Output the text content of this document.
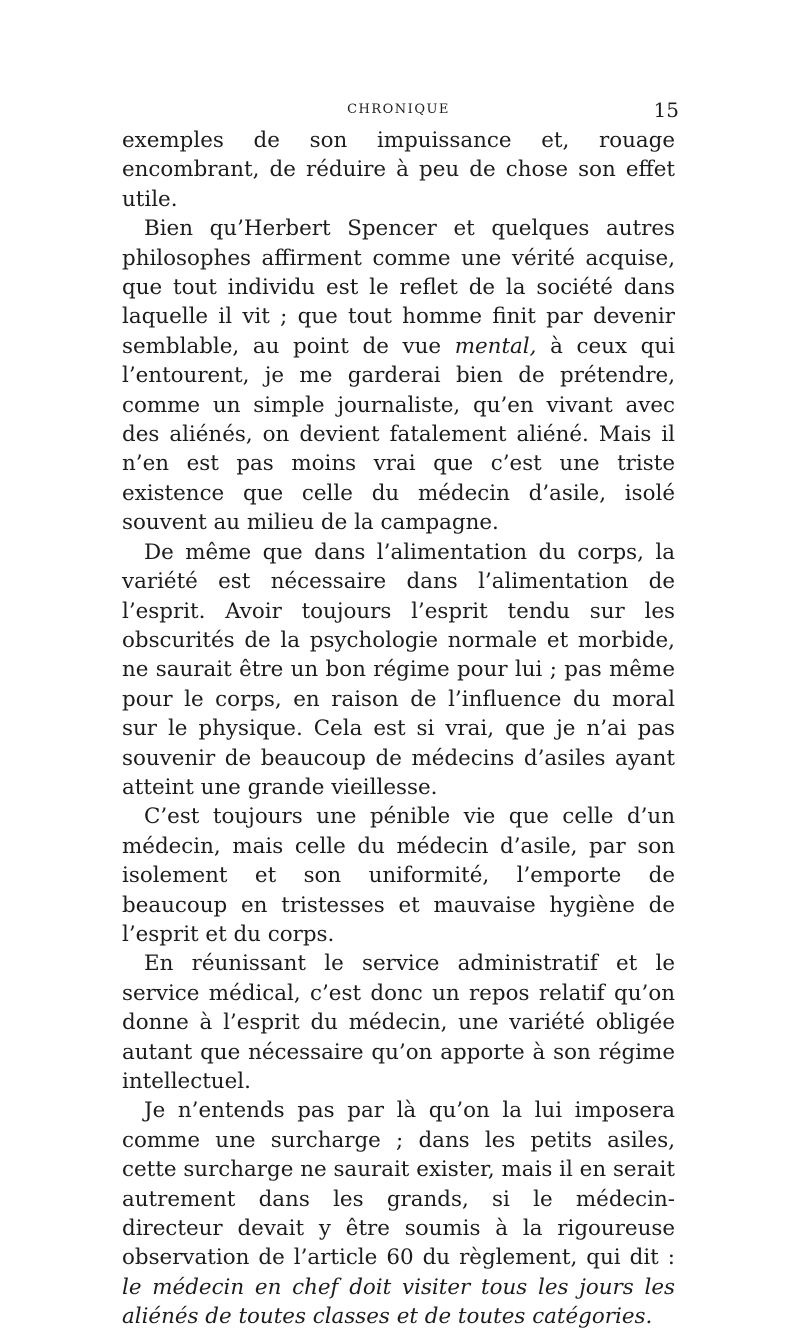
CHRONIQUE	15

exemples de son impuissance et, rouage encombrant, de réduire à peu de chose son effet utile.

Bien qu’Herbert Spencer et quelques autres philosophes affirment comme une vérité acquise, que tout individu est le reflet de la société dans laquelle il vit ; que tout homme finit par devenir semblable, au point de vue mental, à ceux qui l’entourent, je me garderai bien de prétendre, comme un simple journaliste, qu’en vivant avec des aliénés, on devient fatalement aliéné. Mais il n’en est pas moins vrai que c’est une triste existence que celle du médecin d’asile, isolé souvent au milieu de la campagne.

De même que dans l’alimentation du corps, la variété est nécessaire dans l’alimentation de l’esprit. Avoir toujours l’esprit tendu sur les obscurités de la psychologie normale et morbide, ne saurait être un bon régime pour lui ; pas même pour le corps, en raison de l’influence du moral sur le physique. Cela est si vrai, que je n’ai pas souvenir de beaucoup de médecins d’asiles ayant atteint une grande vieillesse.

C’est toujours une pénible vie que celle d’un médecin, mais celle du médecin d’asile, par son isolement et son uniformité, l’emporte de beaucoup en tristesses et mauvaise hygiène de l’esprit et du corps.

En réunissant le service administratif et le service médical, c’est donc un repos relatif qu’on donne à l’esprit du médecin, une variété obligée autant que nécessaire qu’on apporte à son régime intellectuel.

Je n’entends pas par là qu’on la lui imposera comme une surcharge ; dans les petits asiles, cette surcharge ne saurait exister, mais il en serait autrement dans les grands, si le médecin-directeur devait y être soumis à la rigoureuse observation de l’article 60 du règlement, qui dit : le médecin en chef doit visiter tous les jours les aliénés de toutes classes et de toutes catégories.
